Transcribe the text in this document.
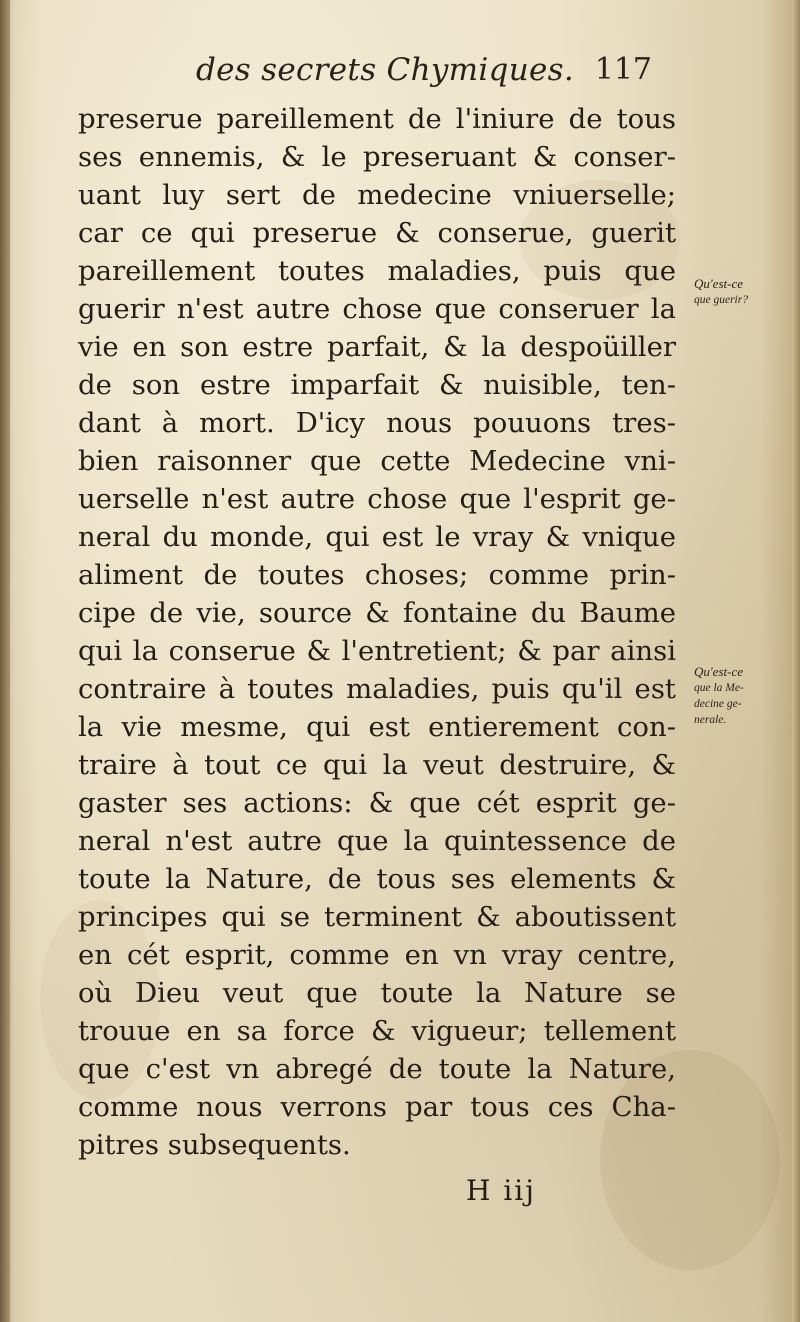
des secrets Chymiques. 117
preserue pareillement de l'iniure de tous
ses ennemis, & le preseruant & conser-
uant luy sert de medecine vniuerselle;
car ce qui preserue & conserue, guerit
pareillement toutes maladies, puis que
guerir n'est autre chose que conseruer la
vie en son estre parfait, & la despoüiller
de son estre imparfait & nuisible, ten-
dant à mort. D'icy nous pouuons tres-
bien raisonner que cette Medecine vni-
uerselle n'est autre chose que l'esprit ge-
neral du monde, qui est le vray & vnique
aliment de toutes choses; comme prin-
cipe de vie, source & fontaine du Baume
qui la conserue & l'entretient; & par ainsi
contraire à toutes maladies, puis qu'il est
la vie mesme, qui est entierement con-
traire à tout ce qui la veut destruire, &
gaster ses actions: & que cét esprit ge-
neral n'est autre que la quintessence de
toute la Nature, de tous ses elements &
principes qui se terminent & aboutissent
en cét esprit, comme en vn vray centre,
où Dieu veut que toute la Nature se
trouue en sa force & vigueur; tellement
que c'est vn abregé de toute la Nature,
comme nous verrons par tous ces Cha-
pitres subsequents.
Qu'est-ce
que guerir?
Qu'est-ce
que la Me-
decine ge-
nerale.
H iij
